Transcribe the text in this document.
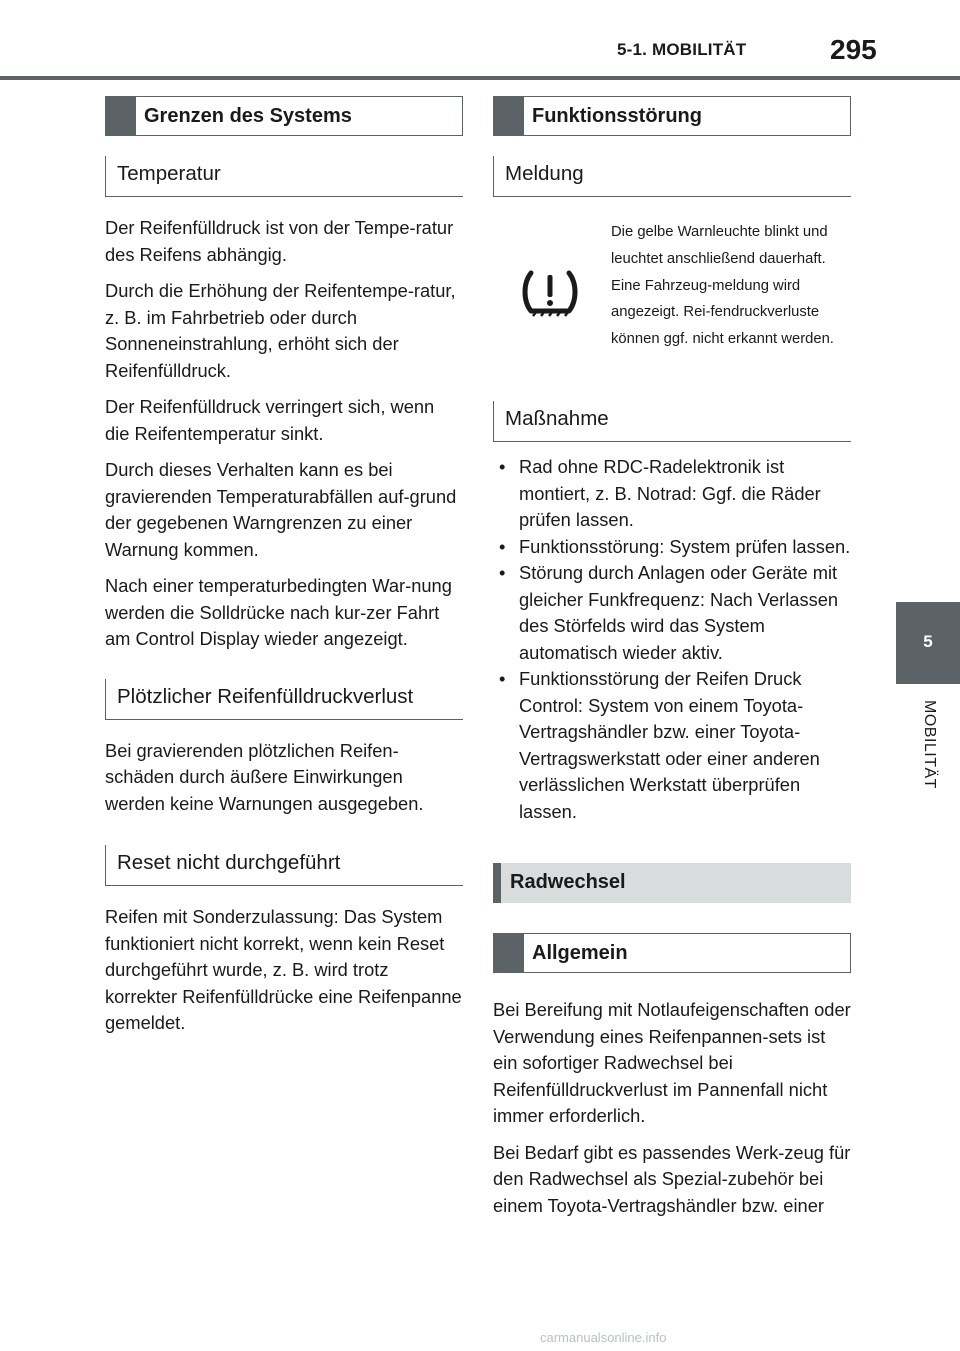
5-1. MOBILITÄT	295
5
MOBILITÄT
Grenzen des Systems
Temperatur

Der Reifenfülldruck ist von der Tempe-ratur des Reifens abhängig.

Durch die Erhöhung der Reifentempe-ratur, z. B. im Fahrbetrieb oder durch Sonneneinstrahlung, erhöht sich der Reifenfülldruck.

Der Reifenfülldruck verringert sich, wenn die Reifentemperatur sinkt.

Durch dieses Verhalten kann es bei gravierenden Temperaturabfällen auf-grund der gegebenen Warngrenzen zu einer Warnung kommen.

Nach einer temperaturbedingten War-nung werden die Solldrücke nach kur-zer Fahrt am Control Display wieder angezeigt.

Plötzlicher Reifenfülldruckverlust

Bei gravierenden plötzlichen Reifen-schäden durch äußere Einwirkungen werden keine Warnungen ausgegeben.

Reset nicht durchgeführt

Reifen mit Sonderzulassung: Das System funktioniert nicht korrekt, wenn kein Reset durchgeführt wurde, z. B. wird trotz korrekter Reifenfülldrücke eine Reifenpanne gemeldet.

Funktionsstörung
Meldung
Die gelbe Warnleuchte blinkt und leuchtet anschließend dauerhaft. Eine Fahrzeug-meldung wird angezeigt. Rei-fendruckverluste können ggf. nicht erkannt werden.
Maßnahme
• Rad ohne RDC-Radelektronik ist montiert, z. B. Notrad: Ggf. die Räder prüfen lassen.
• Funktionsstörung: System prüfen lassen.
• Störung durch Anlagen oder Geräte mit gleicher Funkfrequenz: Nach Verlassen des Störfelds wird das System automatisch wieder aktiv.
• Funktionsstörung der Reifen Druck Control: System von einem Toyota-Vertragshändler bzw. einer Toyota-Vertragswerkstatt oder einer anderen verlässlichen Werkstatt überprüfen lassen.
Radwechsel
Allgemein

Bei Bereifung mit Notlaufeigenschaften oder Verwendung eines Reifenpannen-sets ist ein sofortiger Radwechsel bei Reifenfülldruckverlust im Pannenfall nicht immer erforderlich.

Bei Bedarf gibt es passendes Werk-zeug für den Radwechsel als Spezial-zubehör bei einem Toyota-Vertragshändler bzw. einer

carmanualsonline.info
